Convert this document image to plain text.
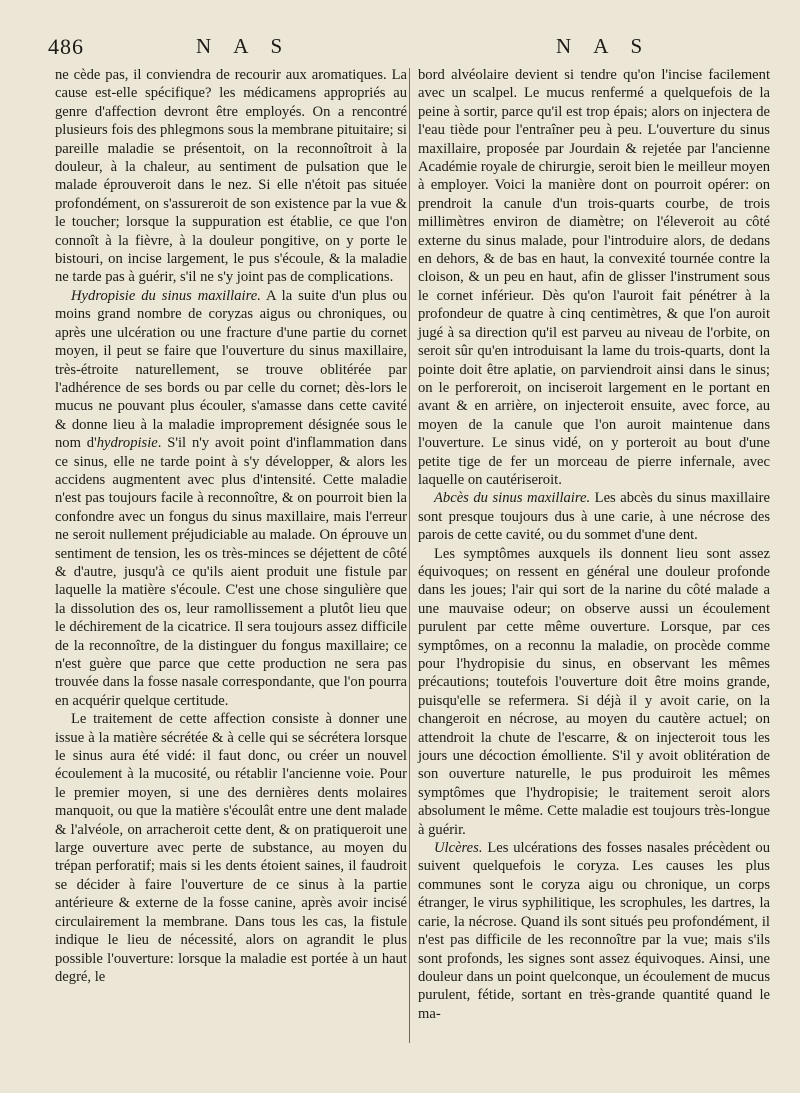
486	N A S	N A S

ne cède pas, il conviendra de recourir aux aromatiques. La cause est-elle spécifique? les médicamens appropriés au genre d'affection devront être employés. On a rencontré plusieurs fois des phlegmons sous la membrane pituitaire; si pareille maladie se présentoit, on la reconnoîtroit à la douleur, à la chaleur, au sentiment de pulsation que le malade éprouveroit dans le nez. Si elle n'étoit pas située profondément, on s'assureroit de son existence par la vue & le toucher; lorsque la suppuration est établie, ce que l'on connoît à la fièvre, à la douleur pongitive, on y porte le bistouri, on incise largement, le pus s'écoule, & la maladie ne tarde pas à guérir, s'il ne s'y joint pas de complications.

Hydropisie du sinus maxillaire. A la suite d'un plus ou moins grand nombre de coryzas aigus ou chroniques, ou après une ulcération ou une fracture d'une partie du cornet moyen, il peut se faire que l'ouverture du sinus maxillaire, très-étroite naturellement, se trouve oblitérée par l'adhérence de ses bords ou par celle du cornet; dès-lors le mucus ne pouvant plus écouler, s'amasse dans cette cavité & donne lieu à la maladie improprement désignée sous le nom d'hydropisie. S'il n'y avoit point d'inflammation dans ce sinus, elle ne tarde point à s'y développer, & alors les accidens augmentent avec plus d'intensité. Cette maladie n'est pas toujours facile à reconnoître, & on pourroit bien la confondre avec un fongus du sinus maxillaire, mais l'erreur ne seroit nullement préjudiciable au malade. On éprouve un sentiment de tension, les os très-minces se déjettent de côté & d'autre, jusqu'à ce qu'ils aient produit une fistule par laquelle la matière s'écoule. C'est une chose singulière que la dissolution des os, leur ramollissement a plutôt lieu que le déchirement de la cicatrice. Il sera toujours assez difficile de la reconnoître, de la distinguer du fongus maxillaire; ce n'est guère que parce que cette production ne sera pas trouvée dans la fosse nasale correspondante, que l'on pourra en acquérir quelque certitude.

Le traitement de cette affection consiste à donner une issue à la matière sécrétée & à celle qui se sécrétera lorsque le sinus aura été vidé: il faut donc, ou créer un nouvel écoulement à la mucosité, ou rétablir l'ancienne voie. Pour le premier moyen, si une des dernières dents molaires manquoit, ou que la matière s'écoulât entre une dent malade & l'alvéole, on arracheroit cette dent, & on pratiqueroit une large ouverture avec perte de substance, au moyen du trépan perforatif; mais si les dents étoient saines, il faudroit se décider à faire l'ouverture de ce sinus à la partie antérieure & externe de la fosse canine, après avoir incisé circulairement la membrane. Dans tous les cas, la fistule indique le lieu de nécessité, alors on agrandit le plus possible l'ouverture: lorsque la maladie est portée à un haut degré, le

bord alvéolaire devient si tendre qu'on l'incise facilement avec un scalpel. Le mucus renfermé a quelquefois de la peine à sortir, parce qu'il est trop épais; alors on injectera de l'eau tiède pour l'entraîner peu à peu. L'ouverture du sinus maxillaire, proposée par Jourdain & rejetée par l'ancienne Académie royale de chirurgie, seroit bien le meilleur moyen à employer. Voici la manière dont on pourroit opérer: on prendroit la canule d'un trois-quarts courbe, de trois millimètres environ de diamètre; on l'éleveroit au côté externe du sinus malade, pour l'introduire alors, de dedans en dehors, & de bas en haut, la convexité tournée contre la cloison, & un peu en haut, afin de glisser l'instrument sous le cornet inférieur. Dès qu'on l'auroit fait pénétrer à la profondeur de quatre à cinq centimètres, & que l'on auroit jugé à sa direction qu'il est parveu au niveau de l'orbite, on seroit sûr qu'en introduisant la lame du trois-quarts, dont la pointe doit être aplatie, on parviendroit ainsi dans le sinus; on le perforeroit, on inciseroit largement en le portant en avant & en arrière, on injecteroit ensuite, avec force, au moyen de la canule que l'on auroit maintenue dans l'ouverture. Le sinus vidé, on y porteroit au bout d'une petite tige de fer un morceau de pierre infernale, avec laquelle on cautériseroit.

Abcès du sinus maxillaire. Les abcès du sinus maxillaire sont presque toujours dus à une carie, à une nécrose des parois de cette cavité, ou du sommet d'une dent.

Les symptômes auxquels ils donnent lieu sont assez équivoques; on ressent en général une douleur profonde dans les joues; l'air qui sort de la narine du côté malade a une mauvaise odeur; on observe aussi un écoulement purulent par cette même ouverture. Lorsque, par ces symptômes, on a reconnu la maladie, on procède comme pour l'hydropisie du sinus, en observant les mêmes précautions; toutefois l'ouverture doit être moins grande, puisqu'elle se refermera. Si déjà il y avoit carie, on la changeroit en nécrose, au moyen du cautère actuel; on attendroit la chute de l'escarre, & on injecteroit tous les jours une décoction émolliente. S'il y avoit oblitération de son ouverture naturelle, le pus produiroit les mêmes symptômes que l'hydropisie; le traitement seroit alors absolument le même. Cette maladie est toujours très-longue à guérir.

Ulcères. Les ulcérations des fosses nasales précèdent ou suivent quelquefois le coryza. Les causes les plus communes sont le coryza aigu ou chronique, un corps étranger, le virus syphilitique, les scrophules, les dartres, la carie, la nécrose. Quand ils sont situés peu profondément, il n'est pas difficile de les reconnoître par la vue; mais s'ils sont profonds, les signes sont assez équivoques. Ainsi, une douleur dans un point quelconque, un écoulement de mucus purulent, fétide, sortant en très-grande quantité quand le ma-
